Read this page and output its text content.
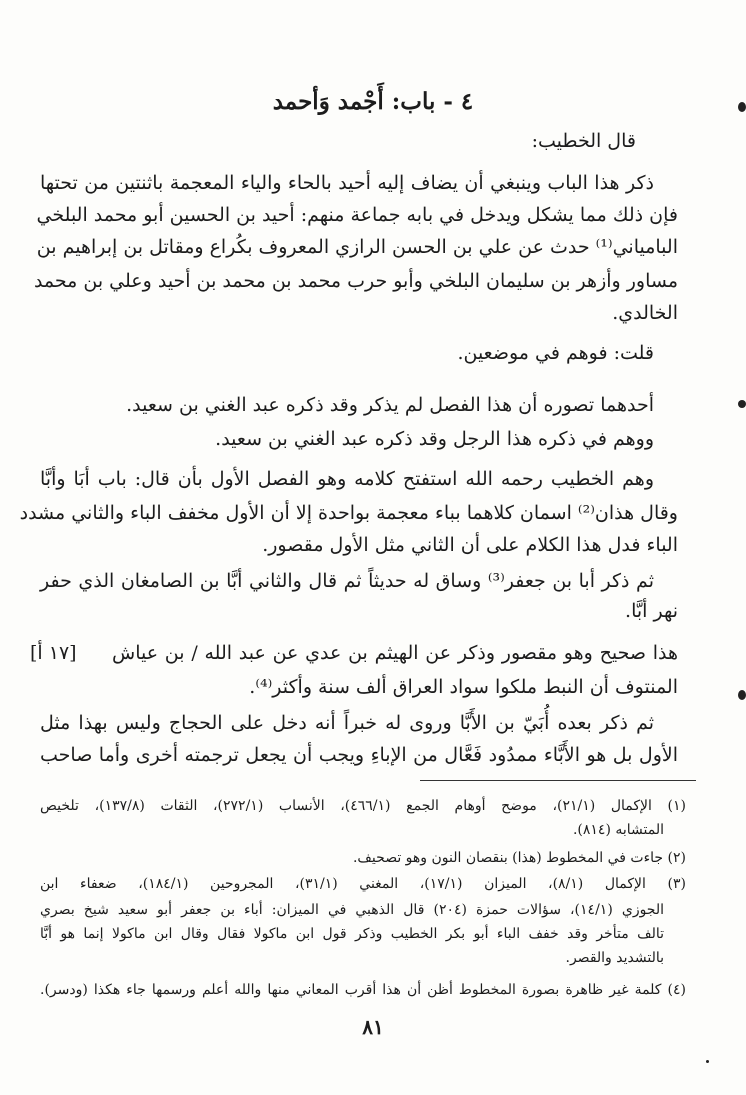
٤ - باب: أَجْمد وَأحمد
قال الخطيب:
ذكر هذا الباب وينبغي أن يضاف إليه أحيد بالحاء والياء المعجمة باثنتين من تحتها
فإن ذلك مما يشكل ويدخل في بابه جماعة منهم: أحيد بن الحسين أبو محمد البلخي
البامياني⁽¹⁾ حدث عن علي بن الحسن الرازي المعروف بكُراع ومقاتل بن إبراهيم بن
مساور وأزهر بن سليمان البلخي وأبو حرب محمد بن محمد بن أحيد وعلي بن محمد
الخالدي.
قلت: فوهم في موضعين.
أحدهما تصوره أن هذا الفصل لم يذكر وقد ذكره عبد الغني بن سعيد.
ووهم في ذكره هذا الرجل وقد ذكره عبد الغني بن سعيد.
وهم الخطيب رحمه الله استفتح كلامه وهو الفصل الأول بأن قال: باب أبَا وأبَّا
وقال هذان⁽²⁾ اسمان كلاهما بباء معجمة بواحدة إلا أن الأول مخفف الباء والثاني مشدد
الباء فدل هذا الكلام على أن الثاني مثل الأول مقصور.
ثم ذكر أبا بن جعفر⁽³⁾ وساق له حديثاً ثم قال والثاني أبَّا بن الصامغان الذي حفر
نهر أبَّا.
هذا صحيح وهو مقصور وذكر عن الهيثم بن عدي عن عبد الله / بن عياش
المنتوف أن النبط ملكوا سواد العراق ألف سنة وأكثر⁽⁴⁾.
ثم ذكر بعده أُبَيّ بن الأَبَّا وروى له خبراً أنه دخل على الحجاج وليس بهذا مثل
الأول بل هو الأَبَّاء ممدُود فَعَّال من الإباءِ ويجب أن يجعل ترجمته أخرى وأما صاحب
[١٧ أ]
(١) الإكمال (٢١/١)، موضح أوهام الجمع (٤٦٦/١)، الأنساب (٢٧٢/١)، الثقات (١٣٧/٨)، تلخيص
المتشابه (٨١٤).
(٢) جاءت في المخطوط (هذا) بنقصان النون وهو تصحيف.
(٣) الإكمال (٨/١)، الميزان (١٧/١)، المغني (٣١/١)، المجروحين (١٨٤/١)، ضعفاء ابن
الجوزي (١٤/١)، سؤالات حمزة (٢٠٤) قال الذهبي في الميزان: أباء بن جعفر أبو سعيد شيخ بصري
تالف متأخر وقد خفف الباء أبو بكر الخطيب وذكر قول ابن ماكولا فقال وقال ابن ماكولا إنما هو أبَّا
بالتشديد والقصر.
(٤) كلمة غير ظاهرة بصورة المخطوط أظن أن هذا أقرب المعاني منها والله أعلم ورسمها جاء هكذا (ودسر).
٨١
